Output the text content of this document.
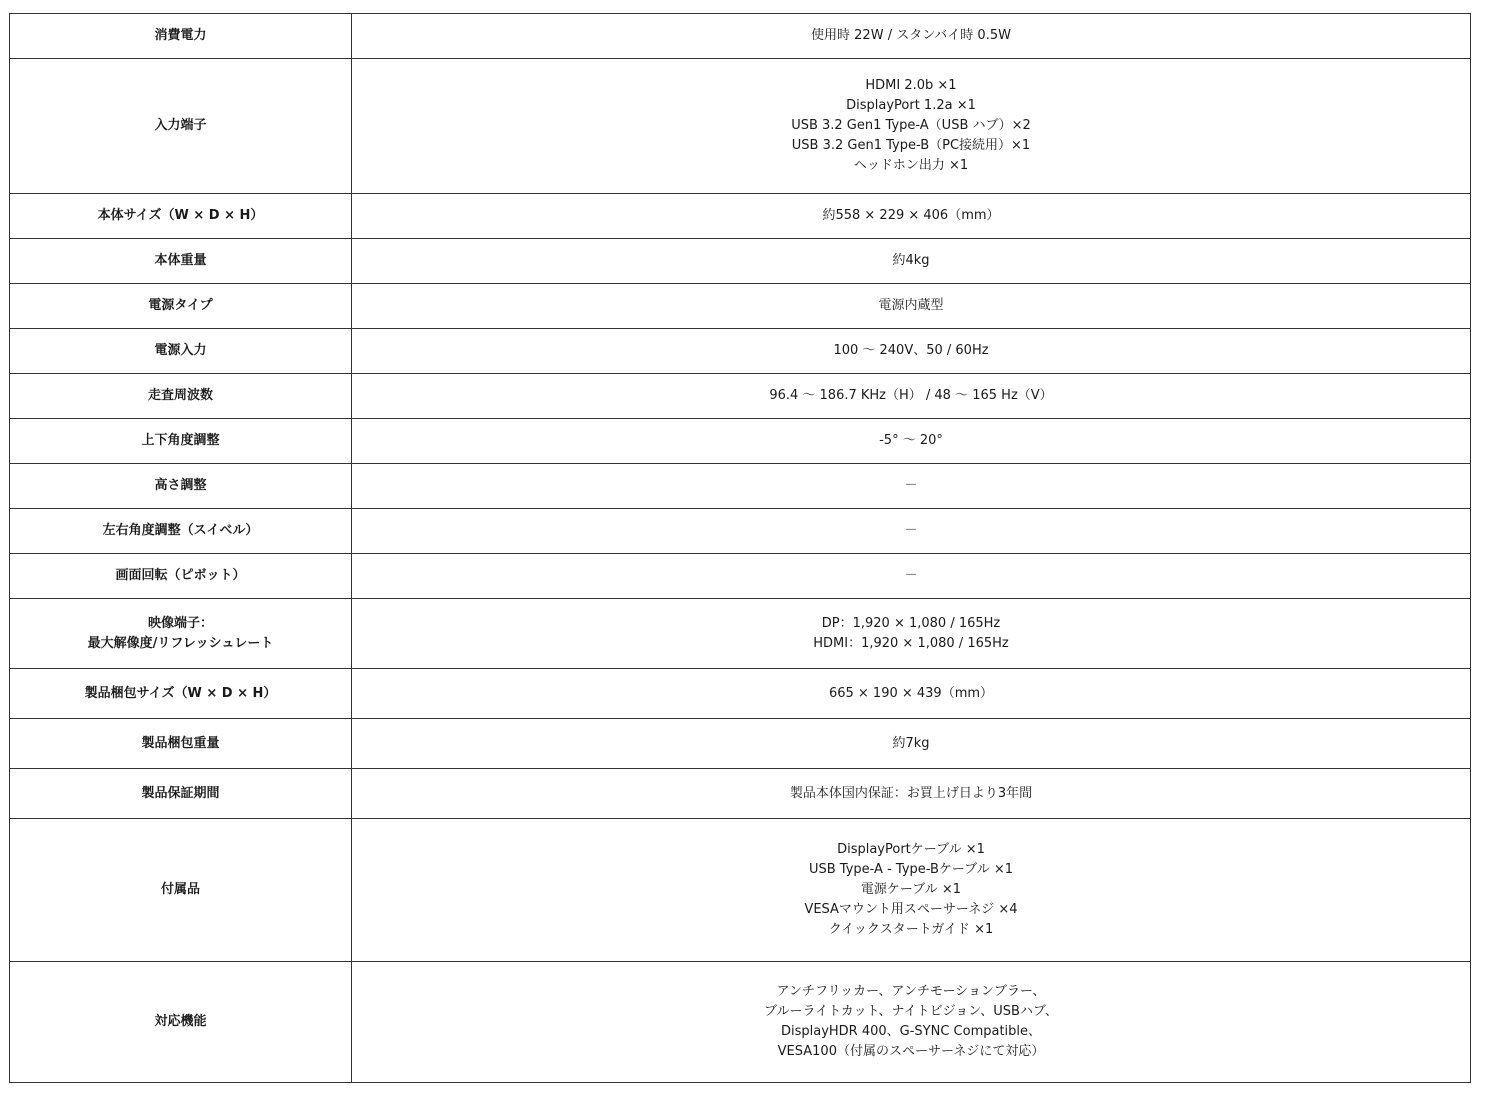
消費電力	使用時 22W / スタンバイ時 0.5W

入力端子	HDMI 2.0b ×1
DisplayPort 1.2a ×1
USB 3.2 Gen1 Type-A（USB ハブ）×2
USB 3.2 Gen1 Type-B（PC接続用）×1
ヘッドホン出力 ×1

本体サイズ（W × D × H）	約558 × 229 × 406（mm）

本体重量	約4kg

電源タイプ	電源内蔵型

電源入力	100 ～ 240V、50 / 60Hz

走査周波数	96.4 ～ 186.7 KHz（H） / 48 ～ 165 Hz（V）

上下角度調整	-5° ～ 20°

高さ調整	－

左右角度調整（スイベル）	－

画面回転（ピボット）	－

映像端子：
最大解像度/リフレッシュレート	DP：1,920 × 1,080 / 165Hz
HDMI：1,920 × 1,080 / 165Hz

製品梱包サイズ（W × D × H）	665 × 190 × 439（mm）

製品梱包重量	約7kg

製品保証期間	製品本体国内保証：お買上げ日より3年間

付属品	DisplayPortケーブル ×1
USB Type-A - Type-Bケーブル ×1
電源ケーブル ×1
VESAマウント用スペーサーネジ ×4
クイックスタートガイド ×1

対応機能	アンチフリッカー、アンチモーションブラー、
ブルーライトカット、ナイトビジョン、USBハブ、
DisplayHDR 400、G-SYNC Compatible、
VESA100（付属のスペーサーネジにて対応）
